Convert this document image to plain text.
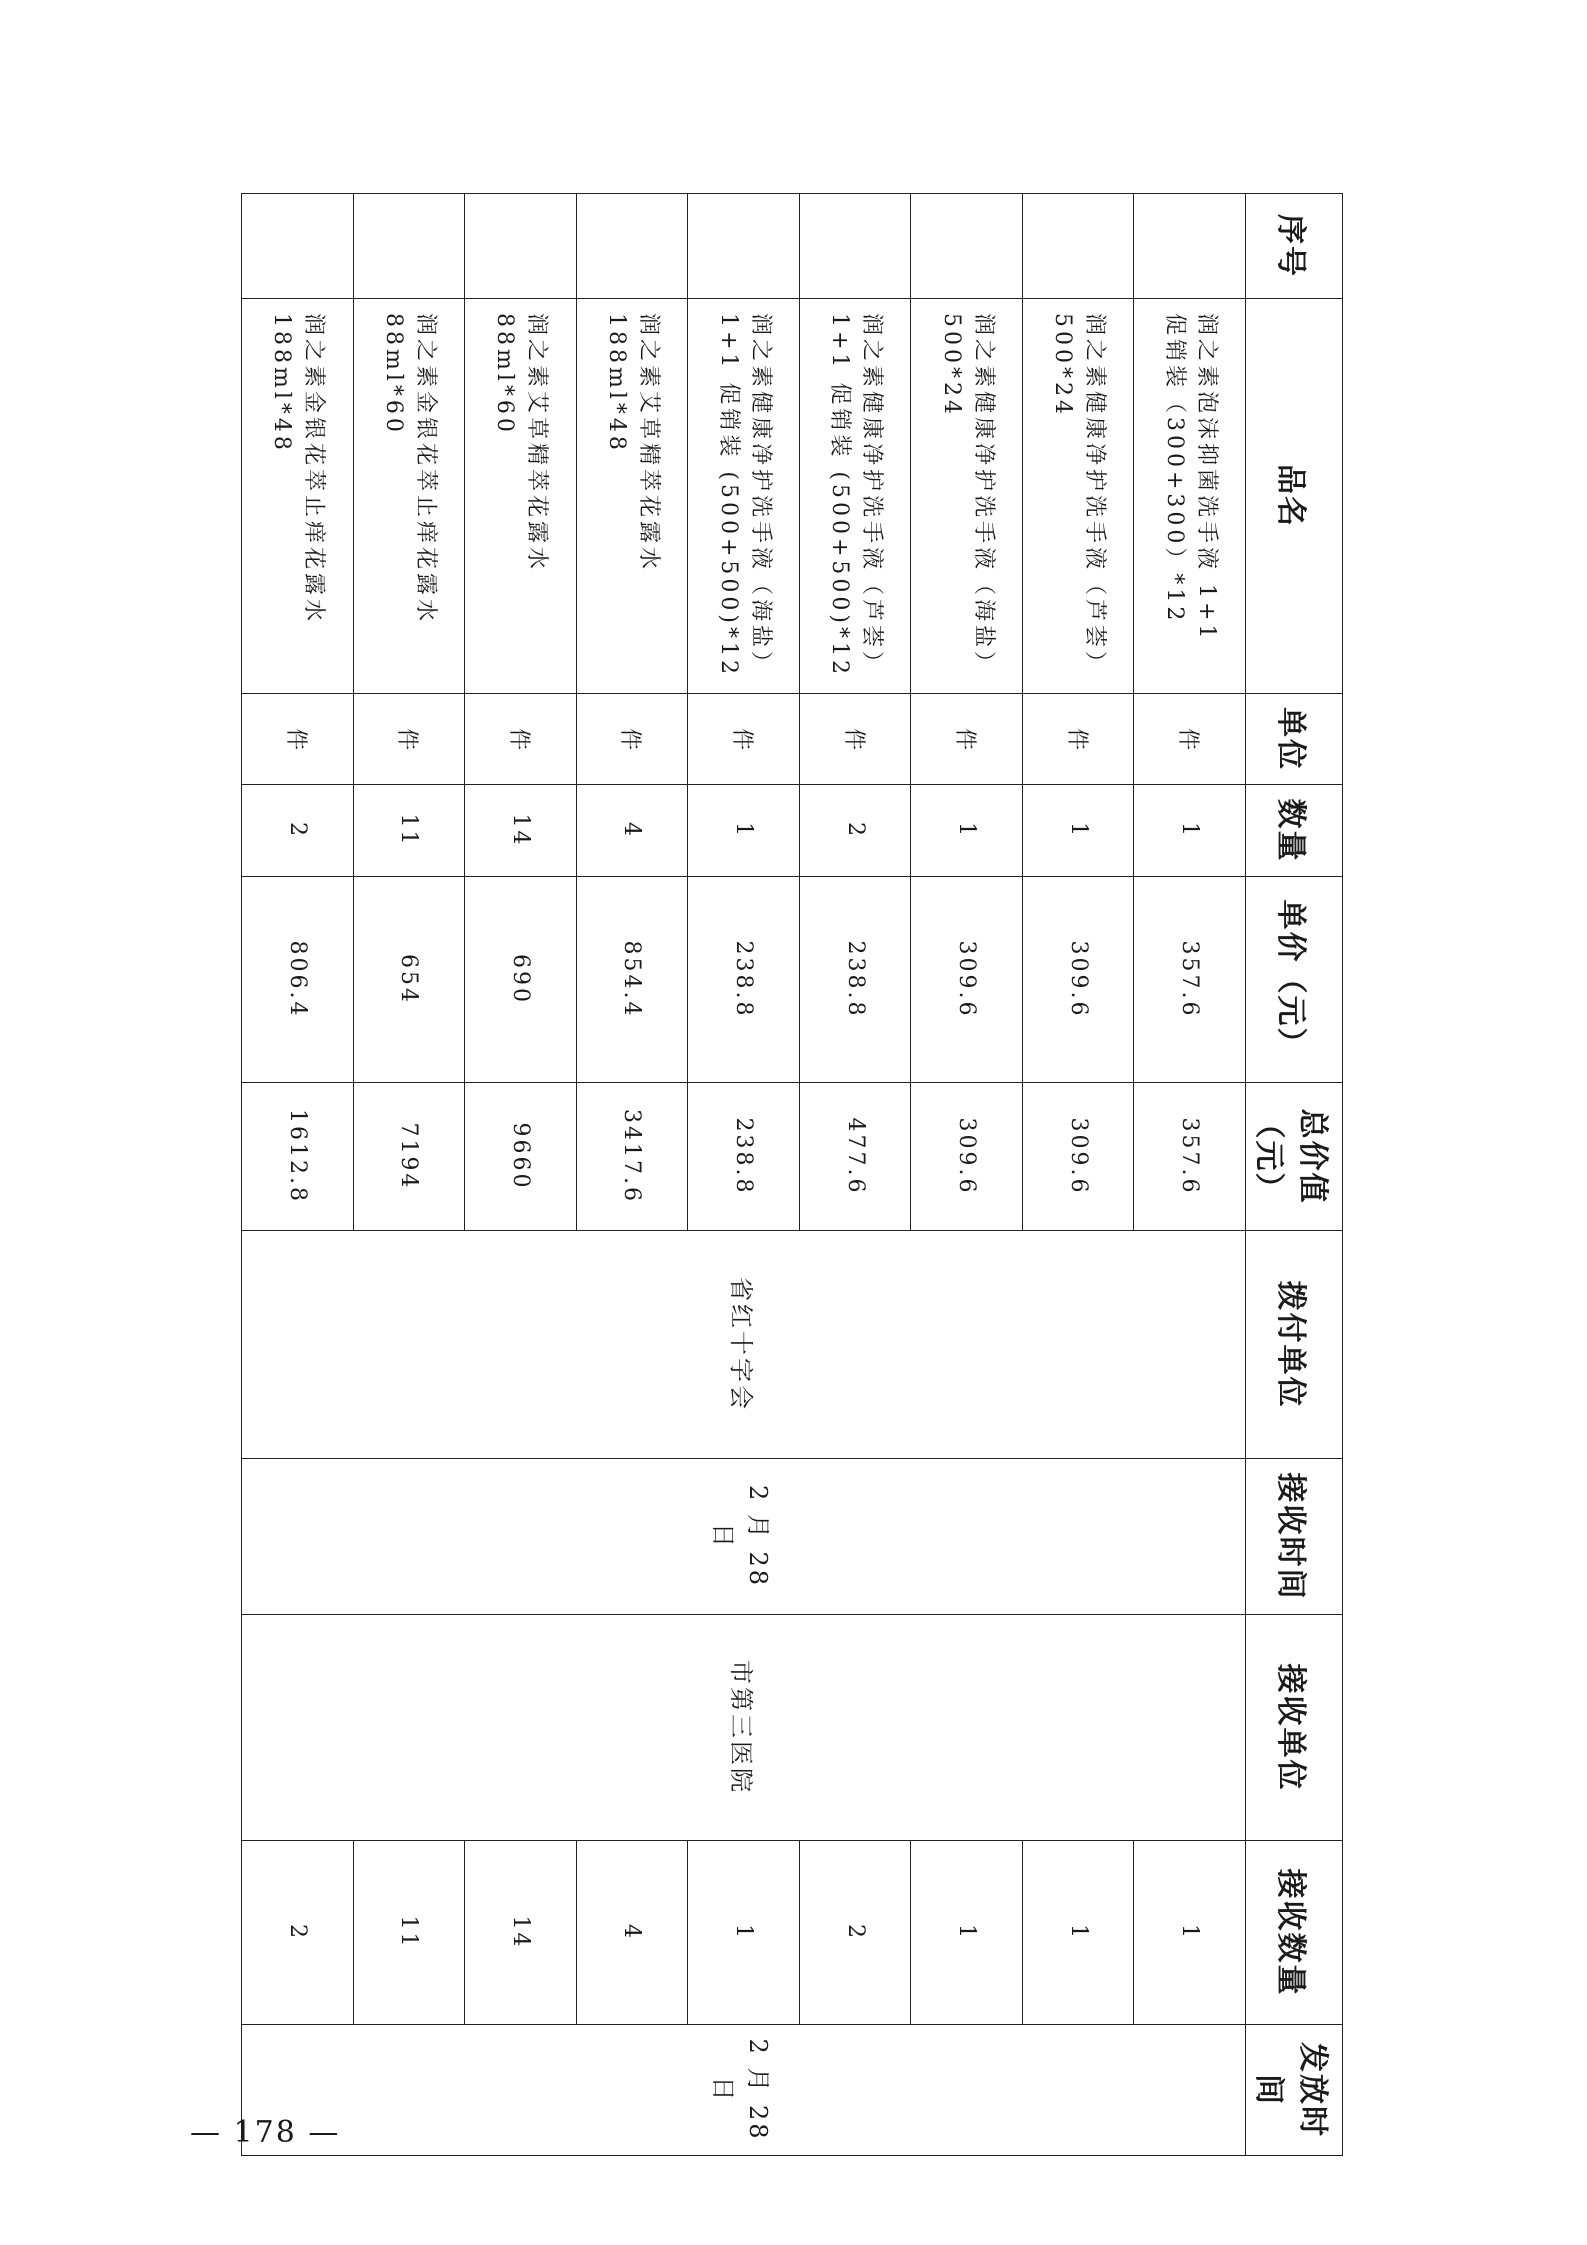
序号	品名	单位	数量	单价（元）	总价值（元）	拨付单位	接收时间	接收单位	接收数量	发放时间
	润之素泡沫抑菌洗手液 1+1 促销装（300+300）*12	件	1	357.6	357.6	省红十字会	2 月 28 日	市第三医院	1	2 月 28 日
	润之素健康净护洗手液（芦荟）500*24	件	1	309.6	309.6				1	
	润之素健康净护洗手液（海盐）500*24	件	1	309.6	309.6				1	
	润之素健康净护洗手液（芦荟）1+1 促销装 (500+500)*12	件	2	238.8	477.6				2	
	润之素健康净护洗手液（海盐）1+1 促销装 (500+500)*12	件	1	238.8	238.8				1	
	润之素艾草精萃花露水 188ml*48	件	4	854.4	3417.6				4	
	润之素艾草精萃花露水 88ml*60	件	14	690	9660				14	
	润之素金银花萃止痒花露水 88ml*60	件	11	654	7194				11	
	润之素金银花萃止痒花露水 188ml*48	件	2	806.4	1612.8				2	
— 178 —
